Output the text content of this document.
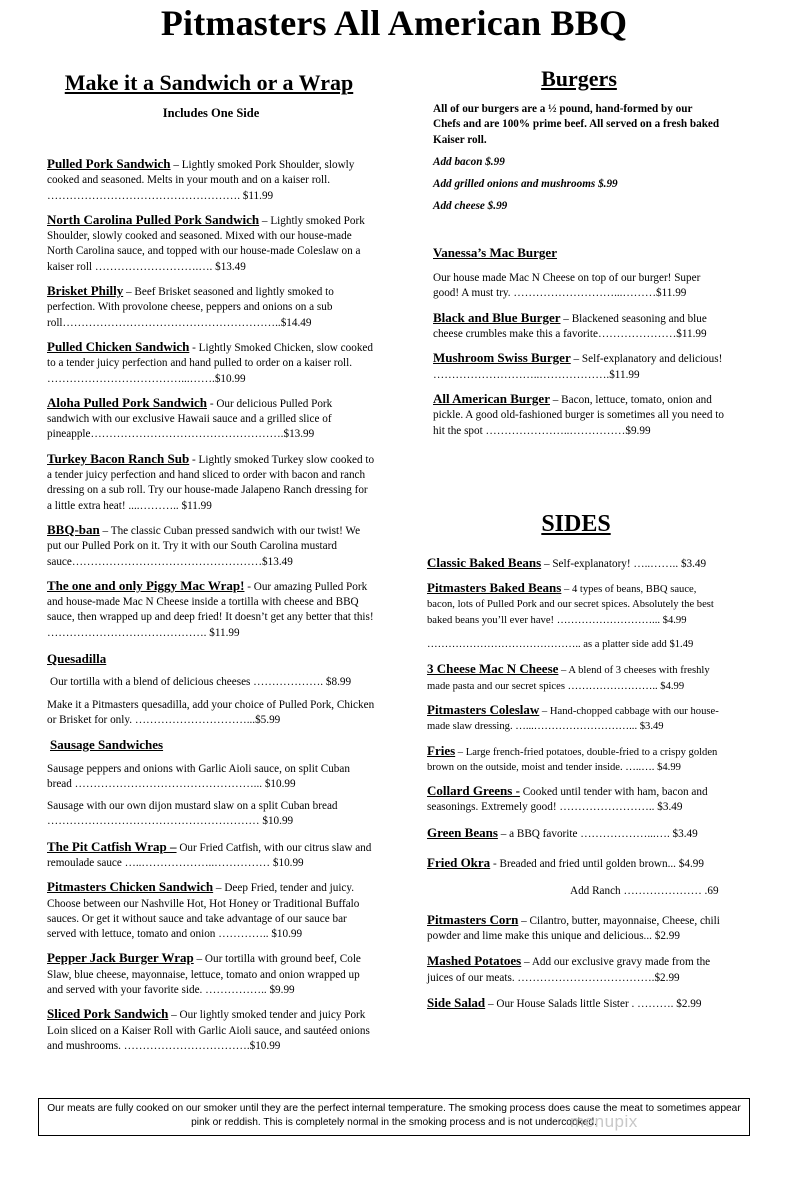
Pitmasters All American BBQ
Make it a Sandwich or a Wrap
Includes One Side
Pulled Pork Sandwich – Lightly smoked Pork Shoulder, slowly cooked and seasoned. Melts in your mouth and on a kaiser roll. ……………………………………………. $11.99
North Carolina Pulled Pork Sandwich – Lightly smoked Pork Shoulder, slowly cooked and seasoned. Mixed with our house-made North Carolina sauce, and topped with our house-made Coleslaw on a kaiser roll ……………………….…. $13.49
Brisket Philly – Beef Brisket seasoned and lightly smoked to perfection. With provolone cheese, peppers and onions on a sub roll…………………………………………………..$14.49
Pulled Chicken Sandwich - Lightly Smoked Chicken, slow cooked to a tender juicy perfection and hand pulled to order on a kaiser roll. ………………………………...…….$10.99
Aloha Pulled Pork Sandwich - Our delicious Pulled Pork sandwich with our exclusive Hawaii sauce and a grilled slice of pineapple…………………………………………….$13.99
Turkey Bacon Ranch Sub - Lightly smoked Turkey slow cooked to a tender juicy perfection and hand sliced to order with bacon and ranch dressing on a sub roll. Try our house-made Jalapeno Ranch dressing for a little extra heat! ....……….. $11.99
BBQ-ban – The classic Cuban pressed sandwich with our twist! We put our Pulled Pork on it. Try it with our South Carolina mustard sauce……………………………………………$13.49
The one and only Piggy Mac Wrap! - Our amazing Pulled Pork and house-made Mac N Cheese inside a tortilla with cheese and BBQ sauce, then wrapped up and deep fried! It doesn’t get any better that this! ……………………………………. $11.99
Quesadilla
Our tortilla with a blend of delicious cheeses ………………. $8.99
Make it a Pitmasters quesadilla, add your choice of Pulled Pork, Chicken or Brisket for only. …………………………...$5.99
Sausage Sandwiches
Sausage peppers and onions with Garlic Aioli sauce, on split Cuban bread …………………………………………... $10.99
Sausage with our own dijon mustard slaw on a split Cuban bread ………………………………………………… $10.99
The Pit Catfish Wrap – Our Fried Catfish, with our citrus slaw and remoulade sauce …..………………..…………… $10.99
Pitmasters Chicken Sandwich – Deep Fried, tender and juicy. Choose between our Nashville Hot, Hot Honey or Traditional Buffalo sauces. Or get it without sauce and take advantage of our sauce bar served with lettuce, tomato and onion ………….. $10.99
Pepper Jack Burger Wrap – Our tortilla with ground beef, Cole Slaw, blue cheese, mayonnaise, lettuce, tomato and onion wrapped up and served with your favorite side. …………….. $9.99
Sliced Pork Sandwich – Our lightly smoked tender and juicy Pork Loin sliced on a Kaiser Roll with Garlic Aioli sauce, and sautéed onions and mushrooms. …………………………….$10.99
Burgers
All of our burgers are a ½ pound, hand-formed by our Chefs and are 100% prime beef. All served on a fresh baked Kaiser roll.
Add bacon $.99
Add grilled onions and mushrooms $.99
Add cheese $.99
Vanessa’s Mac Burger
Our house made Mac N Cheese on top of our burger! Super good! A must try. ………………………...………$11.99
Black and Blue Burger – Blackened seasoning and blue cheese crumbles make this a favorite…………………$11.99
Mushroom Swiss Burger – Self-explanatory and delicious! ………………………..……………….$11.99
All American Burger – Bacon, lettuce, tomato, onion and pickle. A good old-fashioned burger is sometimes all you need to hit the spot …………………..……………$9.99
SIDES
Classic Baked Beans – Self-explanatory! …..…….. $3.49
Pitmasters Baked Beans – 4 types of beans, BBQ sauce, bacon, lots of Pulled Pork and our secret spices. Absolutely the best baked beans you’ll ever have! ………………………... $4.99
…………………………………….. as a platter side add $1.49
3 Cheese Mac N Cheese – A blend of 3 cheeses with freshly made pasta and our secret spices …………………….. $4.99
Pitmasters Coleslaw – Hand-chopped cabbage with our house-made slaw dressing. …...………………………... $3.49
Fries – Large french-fried potatoes, double-fried to a crispy golden brown on the outside, moist and tender inside. …..…. $4.99
Collard Greens - Cooked until tender with ham, bacon and seasonings. Extremely good! …………………….. $3.49
Green Beans – a BBQ favorite ………………...…. $3.49
Fried Okra - Breaded and fried until golden brown... $4.99
Add Ranch ………………… .69
Pitmasters Corn – Cilantro, butter, mayonnaise, Cheese, chili powder and lime make this unique and delicious... $2.99
Mashed Potatoes – Add our exclusive gravy made from the juices of our meats. ……………………………….$2.99
Side Salad – Our House Salads little Sister . ………. $2.99
Our meats are fully cooked on our smoker until they are the perfect internal temperature. The smoking process does cause the meat to sometimes appear pink or reddish. This is completely normal in the smoking process and is not undercooked.
menupix
